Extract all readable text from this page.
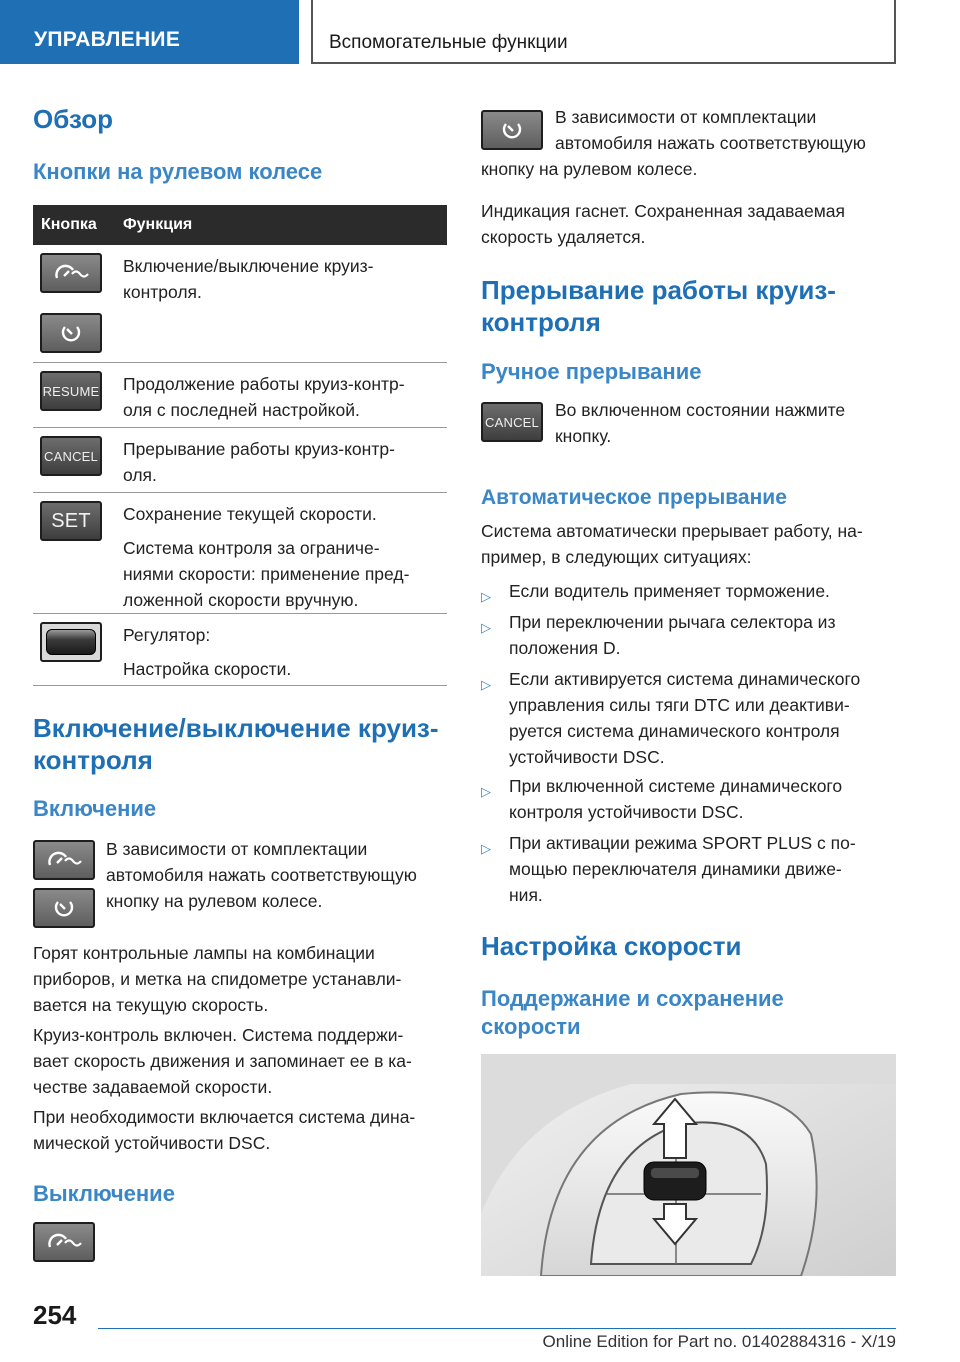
УПРАВЛЕНИЕ	Вспомогательные функции
Обзор
Кнопки на рулевом колесе
Кнопка Функция
Включение/выключение круиз-
контроля.
RESUME Продолжение работы круиз-контр-
оля с последней настройкой.
CANCEL Прерывание работы круиз-контр-
оля.
SET	Сохранение текущей скорости.
Система контроля за ограниче-
ниями скорости: применение пред-
ложенной скорости вручную.
Регулятор:
Настройка скорости.
Включение/выключение круиз-
контроля
Включение
В зависимости от комплектации
автомобиля нажать соответствующую
кнопку на рулевом колесе.
Горят контрольные лампы на комбинации
приборов, и метка на спидометре устанавли-
вается на текущую скорость.
Круиз-контроль включен. Система поддержи-
вает скорость движения и запоминает ее в ка-
честве задаваемой скорости.
При необходимости включается система дина-
мической устойчивости DSC.
Выключение
В зависимости от комплектации
автомобиля нажать соответствующую
кнопку на рулевом колесе.
Индикация гаснет. Сохраненная задаваемая
скорость удаляется.
Прерывание работы круиз-
контроля
Ручное прерывание
CANCEL
Во включенном состоянии нажмите
кнопку.
Автоматическое прерывание
Система автоматически прерывает работу, на-
пример, в следующих ситуациях:
▷ Если водитель применяет торможение.
▷ При переключении рычага селектора из
положения D.
▷ Если активируется система динамического
управления силы тяги DTC или деактиви-
руется система динамического контроля
устойчивости DSC.
▷ При включенной системе динамического
контроля устойчивости DSC.
▷ При активации режима SPORT PLUS с по-
мощью переключателя динамики движе-
ния.
Настройка скорости
Поддержание и сохранение
скорости
254
Online Edition for Part no. 01402884316 - X/19
